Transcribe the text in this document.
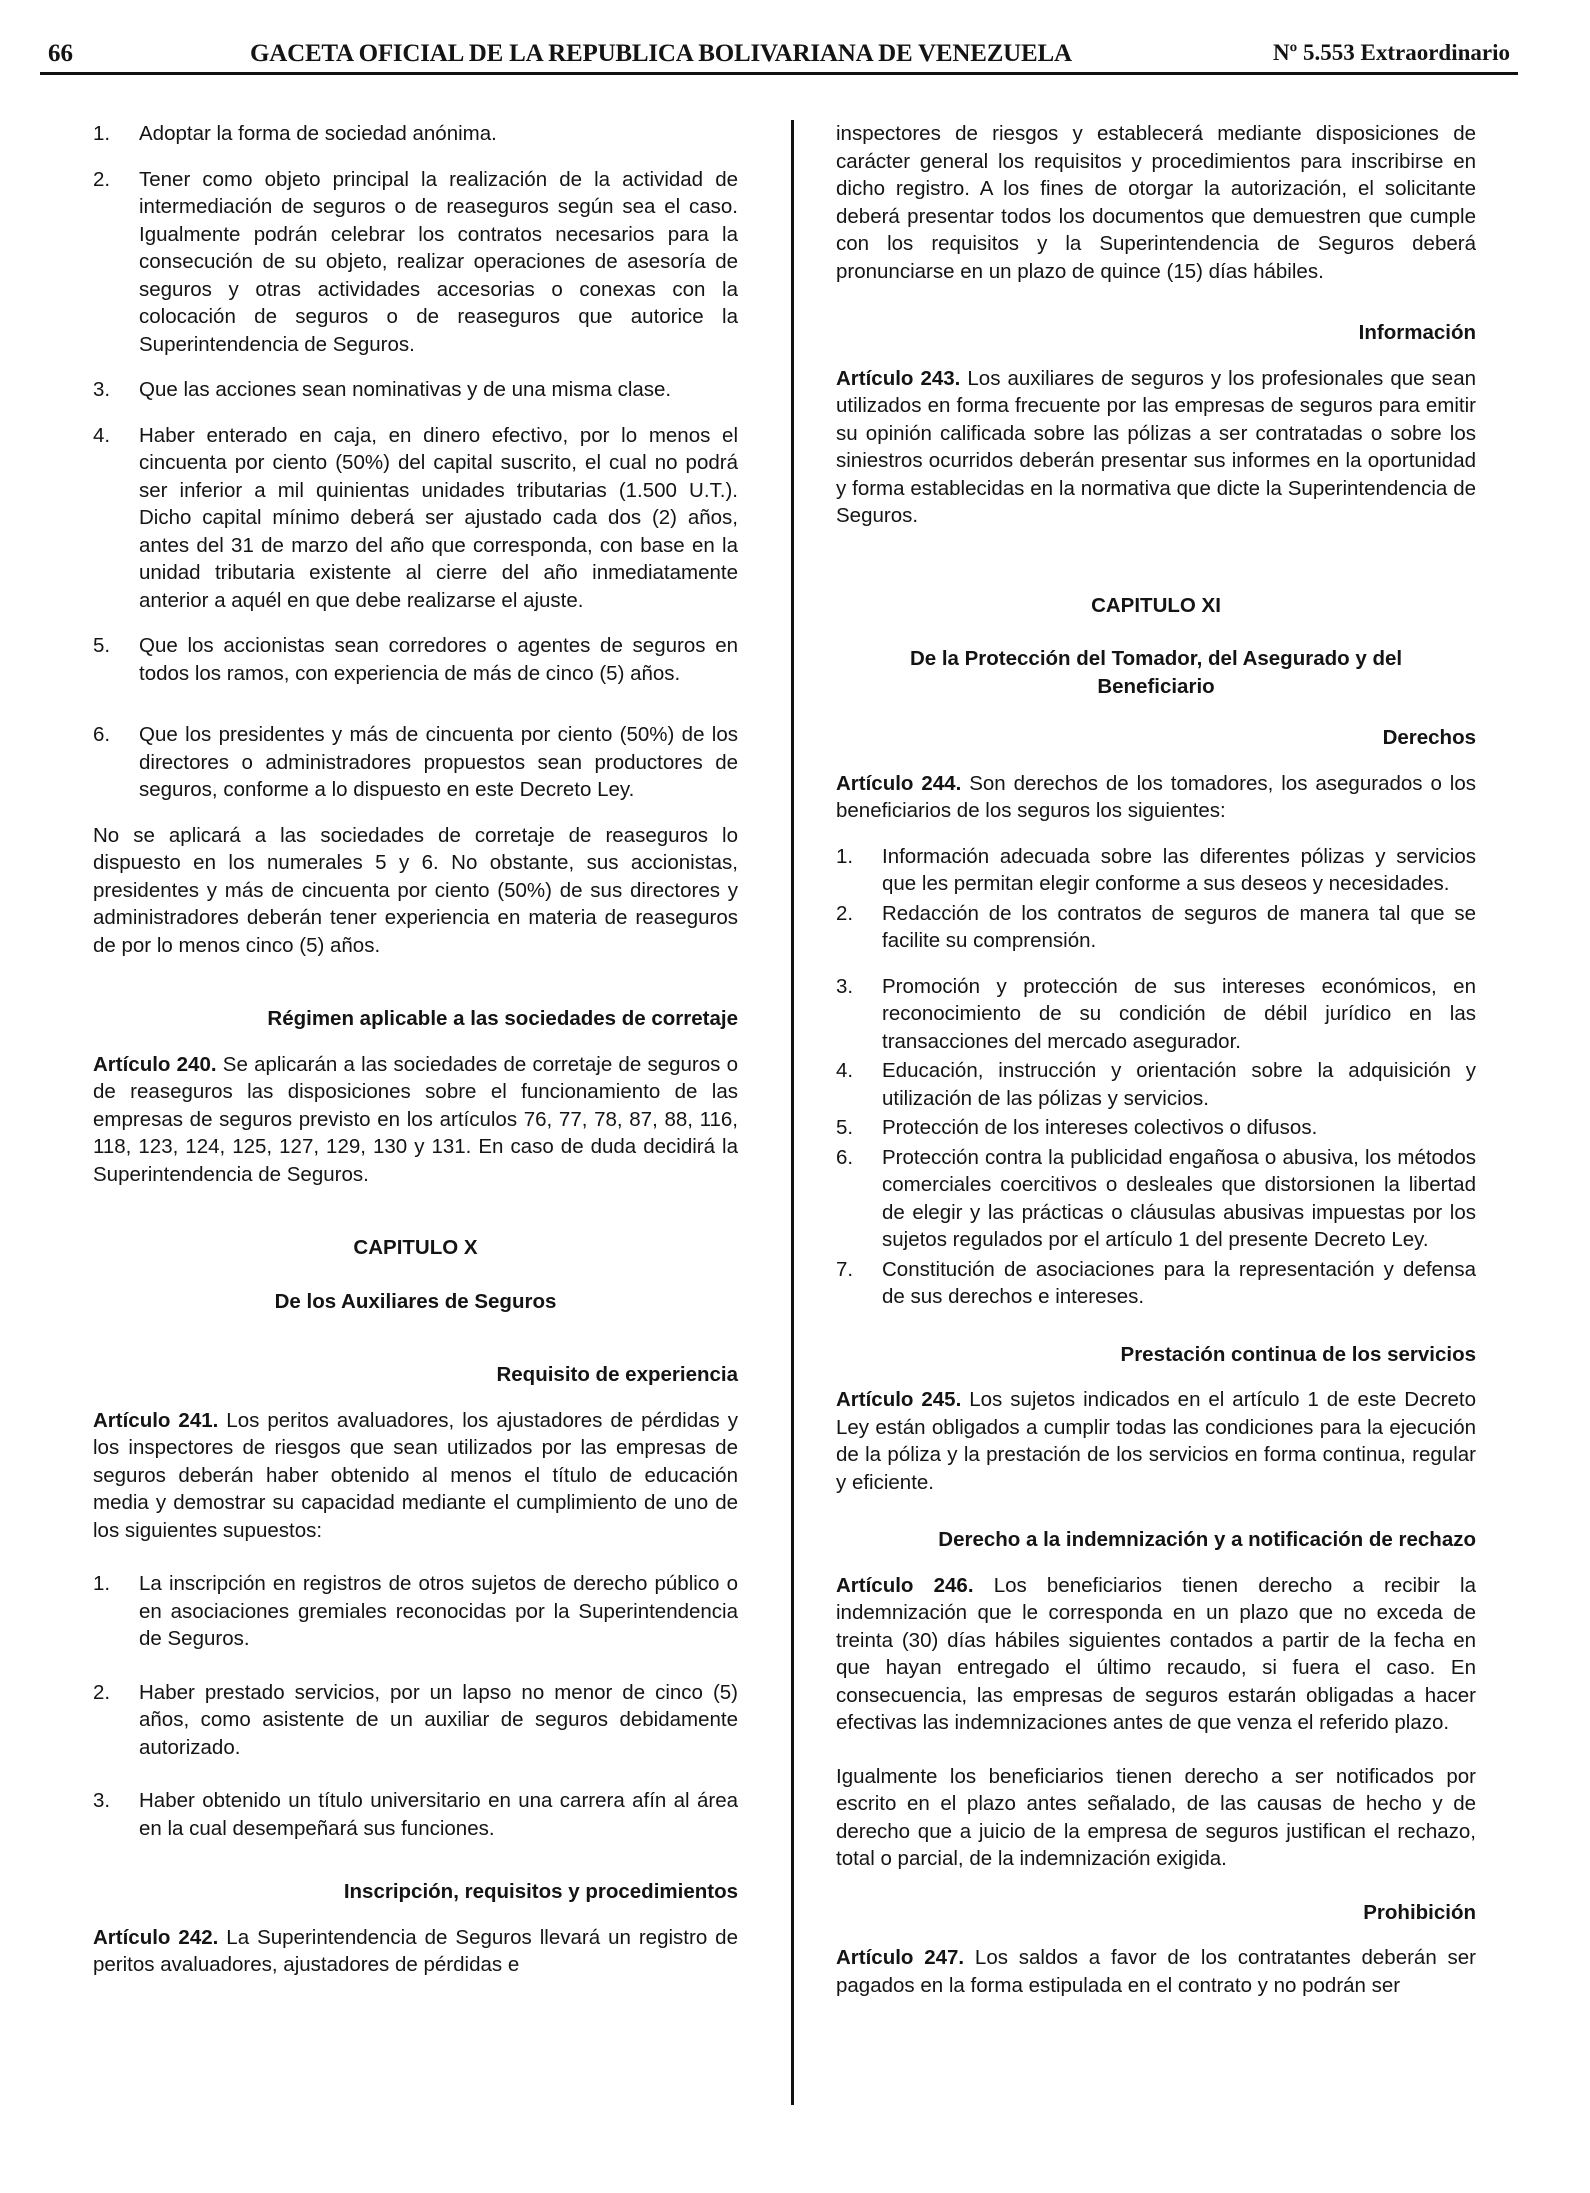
66	GACETA OFICIAL DE LA REPUBLICA BOLIVARIANA DE VENEZUELA	Nº 5.553 Extraordinario
1.	Adoptar la forma de sociedad anónima.
2.	Tener como objeto principal la realización de la actividad de intermediación de seguros o de reaseguros según sea el caso. Igualmente podrán celebrar los contratos necesarios para la consecución de su objeto, realizar operaciones de asesoría de seguros y otras actividades accesorias o conexas con la colocación de seguros o de reaseguros que autorice la Superintendencia de Seguros.
3.	Que las acciones sean nominativas y de una misma clase.
4.	Haber enterado en caja, en dinero efectivo, por lo menos el cincuenta por ciento (50%) del capital suscrito, el cual no podrá ser inferior a mil quinientas unidades tributarias (1.500 U.T.). Dicho capital mínimo deberá ser ajustado cada dos (2) años, antes del 31 de marzo del año que corresponda, con base en la unidad tributaria existente al cierre del año inmediatamente anterior a aquél en que debe realizarse el ajuste.
5.	Que los accionistas sean corredores o agentes de seguros en todos los ramos, con experiencia de más de cinco (5) años.
6.	Que los presidentes y más de cincuenta por ciento (50%) de los directores o administradores propuestos sean productores de seguros, conforme a lo dispuesto en este Decreto Ley.

No se aplicará a las sociedades de corretaje de reaseguros lo dispuesto en los numerales 5 y 6. No obstante, sus accionistas, presidentes y más de cincuenta por ciento (50%) de sus directores y administradores deberán tener experiencia en materia de reaseguros de por lo menos cinco (5) años.

Régimen aplicable a las sociedades de corretaje

Artículo 240. Se aplicarán a las sociedades de corretaje de seguros o de reaseguros las disposiciones sobre el funcionamiento de las empresas de seguros previsto en los artículos 76, 77, 78, 87, 88, 116, 118, 123, 124, 125, 127, 129, 130 y 131. En caso de duda decidirá la Superintendencia de Seguros.

CAPITULO X
De los Auxiliares de Seguros
Requisito de experiencia

Artículo 241. Los peritos avaluadores, los ajustadores de pérdidas y los inspectores de riesgos que sean utilizados por las empresas de seguros deberán haber obtenido al menos el título de educación media y demostrar su capacidad mediante el cumplimiento de uno de los siguientes supuestos:

1.	La inscripción en registros de otros sujetos de derecho público o en asociaciones gremiales reconocidas por la Superintendencia de Seguros.
2.	Haber prestado servicios, por un lapso no menor de cinco (5) años, como asistente de un auxiliar de seguros debidamente autorizado.
3.	Haber obtenido un título universitario en una carrera afín al área en la cual desempeñará sus funciones.
Inscripción, requisitos y procedimientos

Artículo 242. La Superintendencia de Seguros llevará un registro de peritos avaluadores, ajustadores de pérdidas e

inspectores de riesgos y establecerá mediante disposiciones de carácter general los requisitos y procedimientos para inscribirse en dicho registro. A los fines de otorgar la autorización, el solicitante deberá presentar todos los documentos que demuestren que cumple con los requisitos y la Superintendencia de Seguros deberá pronunciarse en un plazo de quince (15) días hábiles.

Información

Artículo 243. Los auxiliares de seguros y los profesionales que sean utilizados en forma frecuente por las empresas de seguros para emitir su opinión calificada sobre las pólizas a ser contratadas o sobre los siniestros ocurridos deberán presentar sus informes en la oportunidad y forma establecidas en la normativa que dicte la Superintendencia de Seguros.

CAPITULO XI
De la Protección del Tomador, del Asegurado y del Beneficiario
Derechos

Artículo 244. Son derechos de los tomadores, los asegurados o los beneficiarios de los seguros los siguientes:

1.	Información adecuada sobre las diferentes pólizas y servicios que les permitan elegir conforme a sus deseos y necesidades.
2.	Redacción de los contratos de seguros de manera tal que se facilite su comprensión.
3.	Promoción y protección de sus intereses económicos, en reconocimiento de su condición de débil jurídico en las transacciones del mercado asegurador.
4.	Educación, instrucción y orientación sobre la adquisición y utilización de las pólizas y servicios.
5.	Protección de los intereses colectivos o difusos.
6.	Protección contra la publicidad engañosa o abusiva, los métodos comerciales coercitivos o desleales que distorsionen la libertad de elegir y las prácticas o cláusulas abusivas impuestas por los sujetos regulados por el artículo 1 del presente Decreto Ley.
7.	Constitución de asociaciones para la representación y defensa de sus derechos e intereses.
Prestación continua de los servicios

Artículo 245. Los sujetos indicados en el artículo 1 de este Decreto Ley están obligados a cumplir todas las condiciones para la ejecución de la póliza y la prestación de los servicios en forma continua, regular y eficiente.

Derecho a la indemnización y a notificación de rechazo

Artículo 246. Los beneficiarios tienen derecho a recibir la indemnización que le corresponda en un plazo que no exceda de treinta (30) días hábiles siguientes contados a partir de la fecha en que hayan entregado el último recaudo, si fuera el caso. En consecuencia, las empresas de seguros estarán obligadas a hacer efectivas las indemnizaciones antes de que venza el referido plazo.

Igualmente los beneficiarios tienen derecho a ser notificados por escrito en el plazo antes señalado, de las causas de hecho y de derecho que a juicio de la empresa de seguros justifican el rechazo, total o parcial, de la indemnización exigida.

Prohibición

Artículo 247. Los saldos a favor de los contratantes deberán ser pagados en la forma estipulada en el contrato y no podrán ser
